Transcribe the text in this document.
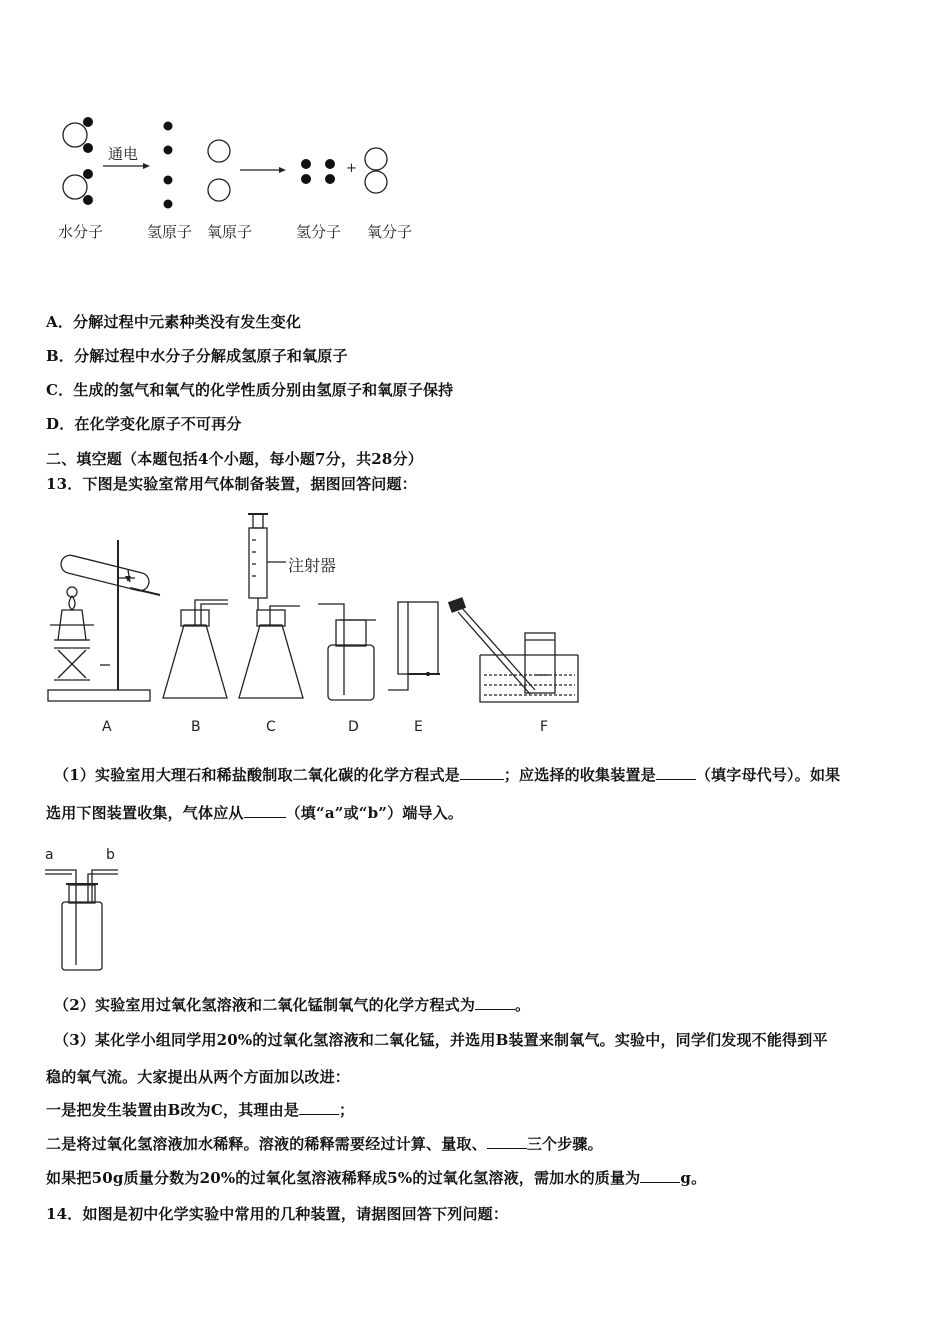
通电
+
水分子	氢原子 氧原子	氢分子 氧分子
A．分解过程中元素种类没有发生变化
B．分解过程中水分子分解成氢原子和氧原子
C．生成的氢气和氧气的化学性质分别由氢原子和氧原子保持
D．在化学变化原子不可再分
二、填空题（本题包括4个小题，每小题7分，共28分）
13．下图是实验室常用气体制备装置，据图回答问题：
注射器
A	B	C	D	E	F
（1）实验室用大理石和稀盐酸制取二氧化碳的化学方程式是	；应选择的收集装置是	（填字母代号）。如果
选用下图装置收集，气体应从	（填“a”或“b”）端导入。
a	b
（2）实验室用过氧化氢溶液和二氧化锰制氧气的化学方程式为	。
（3）某化学小组同学用20%的过氧化氢溶液和二氧化锰，并选用B装置来制氧气。实验中，同学们发现不能得到平
稳的氧气流。大家提出从两个方面加以改进：
一是把发生装置由B改为C，其理由是	；
二是将过氧化氢溶液加水稀释。溶液的稀释需要经过计算、量取、	三个步骤。
如果把50g质量分数为20%的过氧化氢溶液稀释成5%的过氧化氢溶液，需加水的质量为	g。
14．如图是初中化学实验中常用的几种装置，请据图回答下列问题：
